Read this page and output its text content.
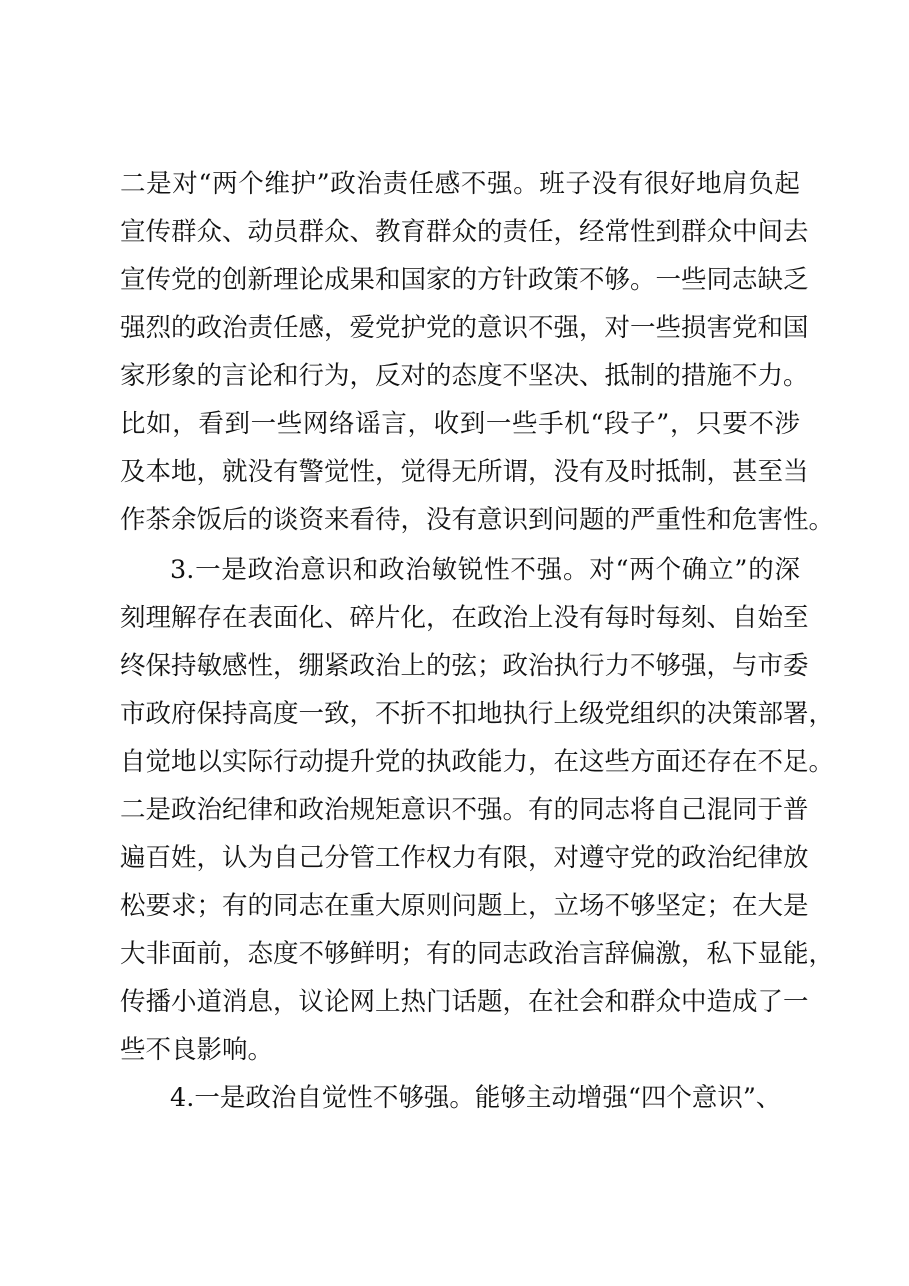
二是对“两个维护”政治责任感不强。班子没有很好地肩负起
宣传群众、动员群众、教育群众的责任，经常性到群众中间去
宣传党的创新理论成果和国家的方针政策不够。一些同志缺乏
强烈的政治责任感，爱党护党的意识不强，对一些损害党和国
家形象的言论和行为，反对的态度不坚决、抵制的措施不力。
比如，看到一些网络谣言，收到一些手机“段子”，只要不涉
及本地，就没有警觉性，觉得无所谓，没有及时抵制，甚至当
作茶余饭后的谈资来看待，没有意识到问题的严重性和危害性。
3.一是政治意识和政治敏锐性不强。对“两个确立”的深
刻理解存在表面化、碎片化，在政治上没有每时每刻、自始至
终保持敏感性，绷紧政治上的弦；政治执行力不够强，与市委
市政府保持高度一致，不折不扣地执行上级党组织的决策部署，
自觉地以实际行动提升党的执政能力，在这些方面还存在不足。
二是政治纪律和政治规矩意识不强。有的同志将自己混同于普
遍百姓，认为自己分管工作权力有限，对遵守党的政治纪律放
松要求；有的同志在重大原则问题上，立场不够坚定；在大是
大非面前，态度不够鲜明；有的同志政治言辞偏激，私下显能，
传播小道消息，议论网上热门话题，在社会和群众中造成了一
些不良影响。
4.一是政治自觉性不够强。能够主动增强“四个意识”、
